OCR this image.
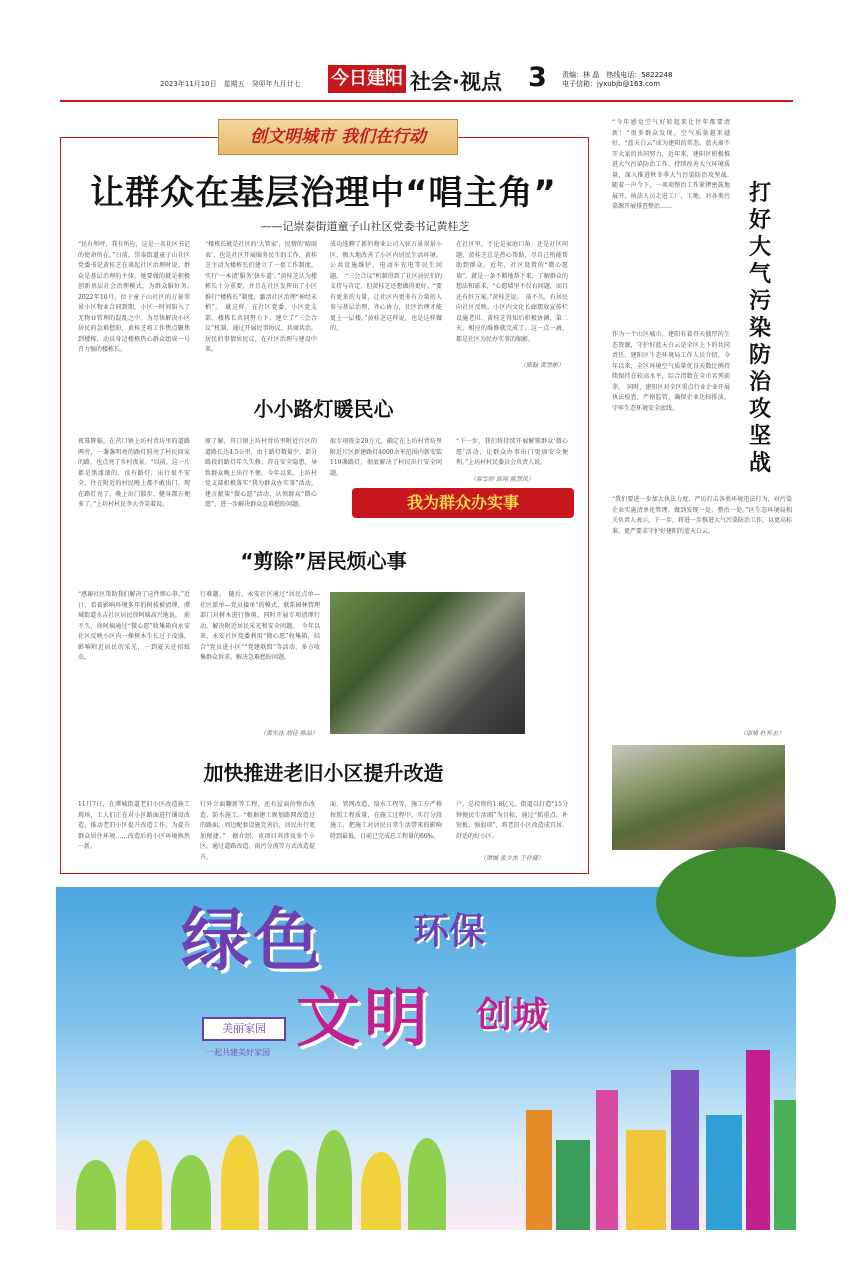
2023年11月10日　星期五　癸卯年九月廿七 今日建阳 社会·视点 3 责编：林 晶　热线电话：5822248
电子信箱：jyxubjb@163.com
创文明城市 我们在行动
让群众在基层治理中“唱主角”
——记崇泰街道童子山社区党委书记黄桂芝
“民有所呼，我有所应，这是一名社区书记的使命所在。”日前，崇泰街道童子山社区党委书记黄桂芝在谈起社区治理时说。群众是基层治理的主体，她要做的就是积极创新基层社会治理模式，为群众服好务。　2022年10月，位于童子山社区的万景翠景小区物业合同到期，小区一时间陷入了无物业管理的混乱之中。为尽快解决小区居民的急难愁盼，黄桂芝将工作焦点聚焦到楼栋，动员身边楼栋热心群众组成一号召力强的楼栋长。
“楼栋长就是社区的‘大管家’，民情的‘晴雨表’，也是社区开展服务民生的工作，黄桂芝主动为楼栋长们建立了一套工作制度，实行‘一本清’服务‘快车道’。”黄桂芝认为楼栋长十分重要，并且在社区发挥出了小区推行“楼栋长”制度，激活社区治理“神经末梢”。　就这样，在社区党委、小区党支部、楼栋长共同努力下，建立了“三会合议”机制，通过开展民事协议、共商共治，居民的事情居民议，在社区治理与建设中来。
成功选聘了新的物业公司入驻万景翠景小区，极大地改善了小区内居民生活环境，公共设施维护、电动车充电等民生问题。　“三会合议”机制得到了社区居民们的支持与肯定，但黄桂芝还想做得更好。“要有更多的力量，让社区内更多有力量的人参与基层治理，齐心协力，社区治理才能更上一层楼。”黄桂芝这样说，也是这样做的。
在社区里，不论是家庭口角、还是社区问题，黄桂芝总是热心帮助，尽自己所能帮助到群众。近年，社区设置的“微心愿墙”，就是一条不断地帮下来，了解群众的想法和需求，“心愿墙里不仅有问题，而且还有好方案。”黄桂芝说。　前不久，有居民向社区反映，小区内文化长廊摆放宣传栏设施老旧，黄桂芝得知后积极协调，第二天，相应的维修就完成了。这一点一滴，都是社区为民办实事的缩影。
（陈翰 黄慧彬）
小小路灯暖民心
夜幕降临，在莒口镇上坊村背坊里的道路两旁，一盏盏明亮的路灯照亮了村民回家的路，也点亮了乡村夜景。“以前，这一片都是黑漆漆的，没有路灯，出行很不安全，住在附近的村民晚上都不敢出门。现在路灯亮了，晚上出门散步、健身都方便多了。”上坊村村民李大爷笑着说。
原了解，莒口镇上坊村背坊里附近片区的道路长达4.5公里，由于路灯数量少，部分路段的路灯年久失修，存在安全隐患，导致群众晚上出行不便。今年以来，上坊村党支部积极落实“我为群众办实事”活动，建言献策“微心愿”活动，认领群众“微心愿”，进一步解决群众急难愁盼问题。
取专项资金29万元，确定在上坊村背坊里附近片区新建路灯4000余米范围内新安装110盏路灯，彻底解决了村民出行安全问题。
“下一步，我们将持续开展解锁群众‘微心愿’活动，让群众办事出门更加安全便利。”上坊村村民委员会负责人说。
（蔡雪婷 郭翔 陈慧凤）
我为群众办实事
“剪除”居民烦心事
“感谢社区帮助我们解决了这件烦心事。”近日，看着影响环境多年的树枝被清理，潭城街道水吉社区居民徐阿姨高兴地说。　前不久，徐阿姨通过“微心愿”收集箱向永安社区反映小区内一棵树木生长过于茂盛，影响附近居民的采光，一到夏天还招蚊虫。
行难题。　随后，永安社区通过“居民点单—社区派单—党员接单”的模式，联系园林管理部门对树木进行修剪，同时开展专项清理行动，解决附近居民采光和安全问题。　今年以来，永安社区党委利用“微心愿”收集箱，结合“党员进小区”“党建联盟”等活动，多方收集群众诉求，解决急难愁盼问题。
（黄东沐 胡佳 陈喆）
加快推进老旧小区提升改造
11月7日，在潭城街道老旧小区改造施工现场，工人们正在对小区路面进行铺设改造，推动老旧小区提升改造工作，为提升群众居住环境……改造后的小区环境焕然一新。
行外立面翻新等工程，还有屋面的整治改造、防水施工。“根据建工规划路网改造过的路面，周边配套设施完善后，居民出行更加便捷。”　据介绍，该项目共涉及多个小区，通过道路改造、雨污分流等方式改造提升。
面、管网改造、给水工程等，施工方严格按照工程质量，在施工过程中，实行分段施工，把施工对居民日常生活带来的影响降到最低，目前已完成总工程量的60%。
户，总投资约1.8亿元。街道以打造“15分钟便民生活圈”为目标，通过“抓重点、补短板、强弱项”，将老旧小区改造成宜居、舒适的好小区。
（潭城 张少杰 王祥健）
打好大气污染防治攻坚战
“今年感觉空气好转起来比往年都要清新！”很多群众发现，空气质量越来越好，“蓝天白云”成为建阳的常态。蓝天离不开大家的共同努力，近年来，建阳区积极推进大气污染防治工作，持续改善大气环境质量，深入推进秋冬季大气污染防治攻坚战。　随着一声令下，一项项整治工作紧锣密鼓地展开，执法人员走进工厂、工地，对各类污染源开展排查整治……
作为一个山区城市，建阳有着得天独厚的生态资源，守护好蓝天白云是全区上下的共同责任。建阳区生态环境局工作人员介绍，今年以来，全区环境空气质量优良天数比例持续保持在较高水平，综合指数在全市名列前茅。　同时，建阳区对全区重点行业企业开展执法检查，严格监管，确保企业达标排放，守牢生态环境安全底线。
“我们要进一步加大执法力度，严厉打击各类环境违法行为，对污染企业实施清单化管理，做到发现一处、整治一处。”区生态环境局相关负责人表示，下一步，将进一步推进大气污染防治工作，以更高标准、更严要求守护好建阳的蓝天白云。
（邬婧 杜有志）
绿色 环保
文明 创城
美丽家园
一起共建美好家园
